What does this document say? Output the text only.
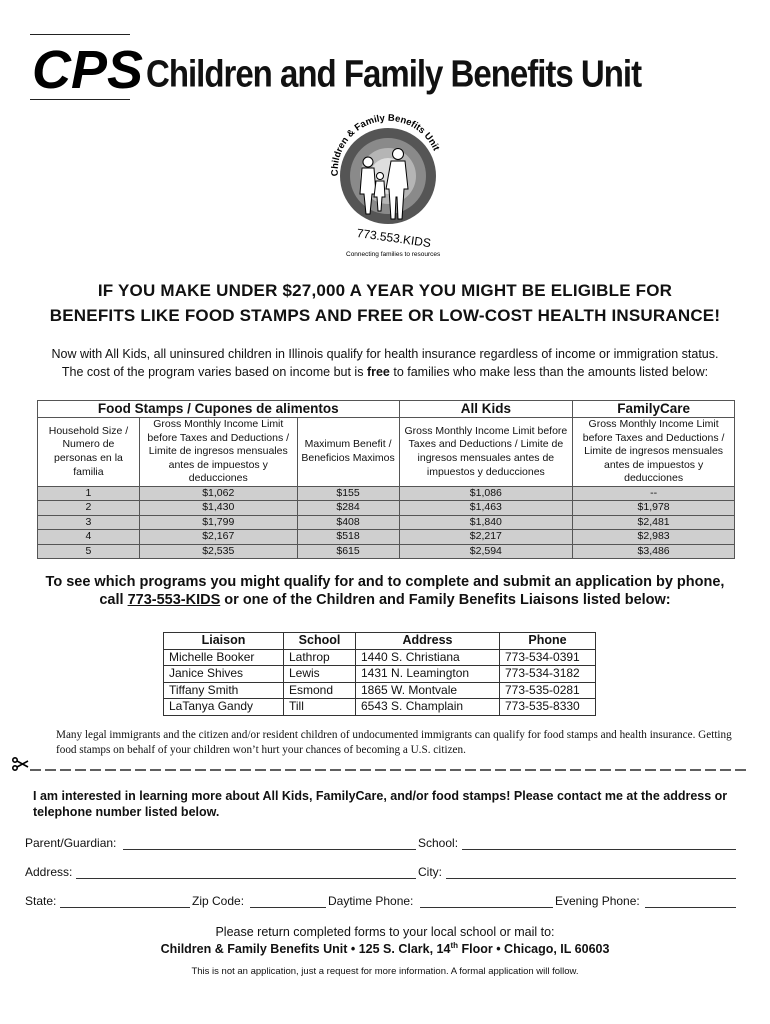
CPS Children and Family Benefits Unit
Children & Family Benefits Unit
773.553.KIDS
Connecting families to resources
IF YOU MAKE UNDER $27,000 A YEAR YOU MIGHT BE ELIGIBLE FOR
BENEFITS LIKE FOOD STAMPS AND FREE OR LOW-COST HEALTH INSURANCE!
Now with All Kids, all uninsured children in Illinois qualify for health insurance regardless of income or immigration status.
The cost of the program varies based on income but is free to families who make less than the amounts listed below:
Food Stamps / Cupones de alimentos			All Kids	FamilyCare
Household Size / Numero de personas en la familia	Gross Monthly Income Limit before Taxes and Deductions / Limite de ingresos mensuales antes de impuestos y deducciones	Maximum Benefit / Beneficios Maximos	Gross Monthly Income Limit before Taxes and Deductions / Limite de ingresos mensuales antes de impuestos y deducciones	Gross Monthly Income Limit before Taxes and Deductions / Limite de ingresos mensuales antes de impuestos y deducciones
1	$1,062	$155	$1,086	--
2	$1,430	$284	$1,463	$1,978
3	$1,799	$408	$1,840	$2,481
4	$2,167	$518	$2,217	$2,983
5	$2,535	$615	$2,594	$3,486
To see which programs you might qualify for and to complete and submit an application by phone,
call 773-553-KIDS or one of the Children and Family Benefits Liaisons listed below:
Liaison	School	Address	Phone
Michelle Booker	Lathrop	1440 S. Christiana	773-534-0391
Janice Shives	Lewis	1431 N. Leamington	773-534-3182
Tiffany Smith	Esmond	1865 W. Montvale	773-535-0281
LaTanya Gandy	Till	6543 S. Champlain	773-535-8330
Many legal immigrants and the citizen and/or resident children of undocumented immigrants can qualify for food stamps and health insurance. Getting food stamps on behalf of your children won’t hurt your chances of becoming a U.S. citizen.
I am interested in learning more about All Kids, FamilyCare, and/or food stamps! Please contact me at the address or telephone number listed below.
Parent/Guardian:	School:
Address:	City:
State:	Zip Code:	Daytime Phone:	Evening Phone:
Please return completed forms to your local school or mail to:
Children & Family Benefits Unit • 125 S. Clark, 14th Floor • Chicago, IL 60603
This is not an application, just a request for more information. A formal application will follow.
